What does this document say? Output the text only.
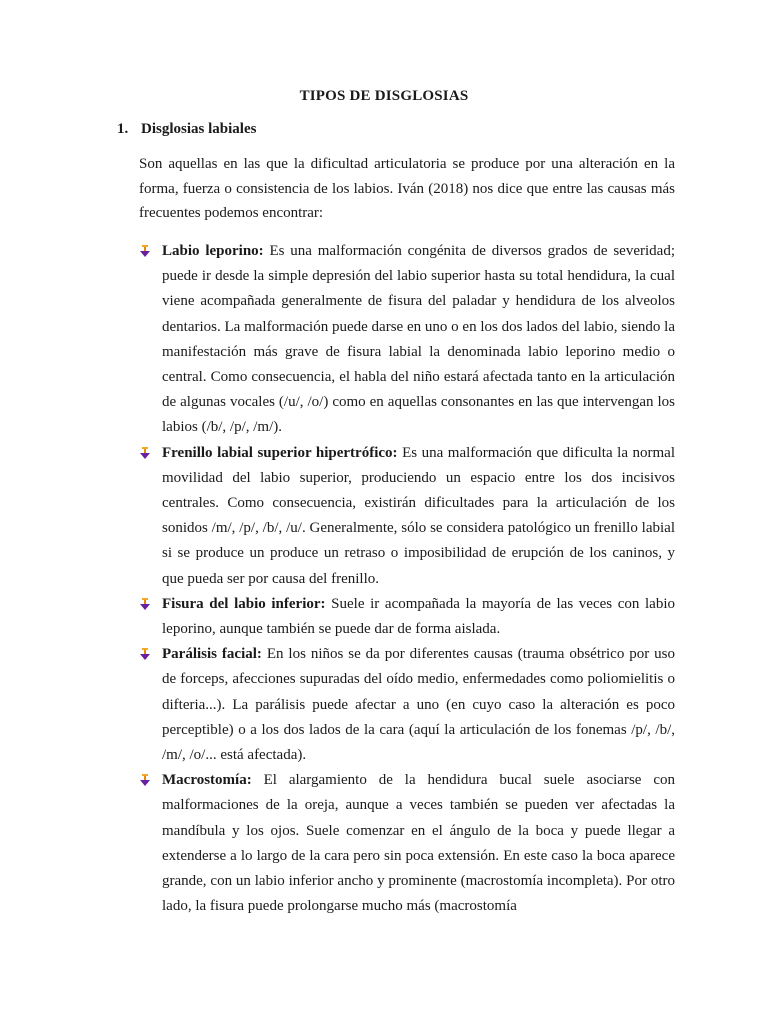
TIPOS DE DISGLOSIAS
1. Disglosias labiales

Son aquellas en las que la dificultad articulatoria se produce por una alteración en la forma, fuerza o consistencia de los labios. Iván (2018) nos dice que entre las causas más frecuentes podemos encontrar:

Labio leporino: Es una malformación congénita de diversos grados de severidad; puede ir desde la simple depresión del labio superior hasta su total hendidura, la cual viene acompañada generalmente de fisura del paladar y hendidura de los alveolos dentarios. La malformación puede darse en uno o en los dos lados del labio, siendo la manifestación más grave de fisura labial la denominada labio leporino medio o central. Como consecuencia, el habla del niño estará afectada tanto en la articulación de algunas vocales (/u/, /o/) como en aquellas consonantes en las que intervengan los labios (/b/, /p/, /m/).
Frenillo labial superior hipertrófico: Es una malformación que dificulta la normal movilidad del labio superior, produciendo un espacio entre los dos incisivos centrales. Como consecuencia, existirán dificultades para la articulación de los sonidos /m/, /p/, /b/, /u/. Generalmente, sólo se considera patológico un frenillo labial si se produce un produce un retraso o imposibilidad de erupción de los caninos, y que pueda ser por causa del frenillo.
Fisura del labio inferior: Suele ir acompañada la mayoría de las veces con labio leporino, aunque también se puede dar de forma aislada.
Parálisis facial: En los niños se da por diferentes causas (trauma obsétrico por uso de forceps, afecciones supuradas del oído medio, enfermedades como poliomielitis o difteria...). La parálisis puede afectar a uno (en cuyo caso la alteración es poco perceptible) o a los dos lados de la cara (aquí la articulación de los fonemas /p/, /b/, /m/, /o/... está afectada).
Macrostomía: El alargamiento de la hendidura bucal suele asociarse con malformaciones de la oreja, aunque a veces también se pueden ver afectadas la mandíbula y los ojos. Suele comenzar en el ángulo de la boca y puede llegar a extenderse a lo largo de la cara pero sin poca extensión. En este caso la boca aparece grande, con un labio inferior ancho y prominente (macrostomía incompleta). Por otro lado, la fisura puede prolongarse mucho más (macrostomía
